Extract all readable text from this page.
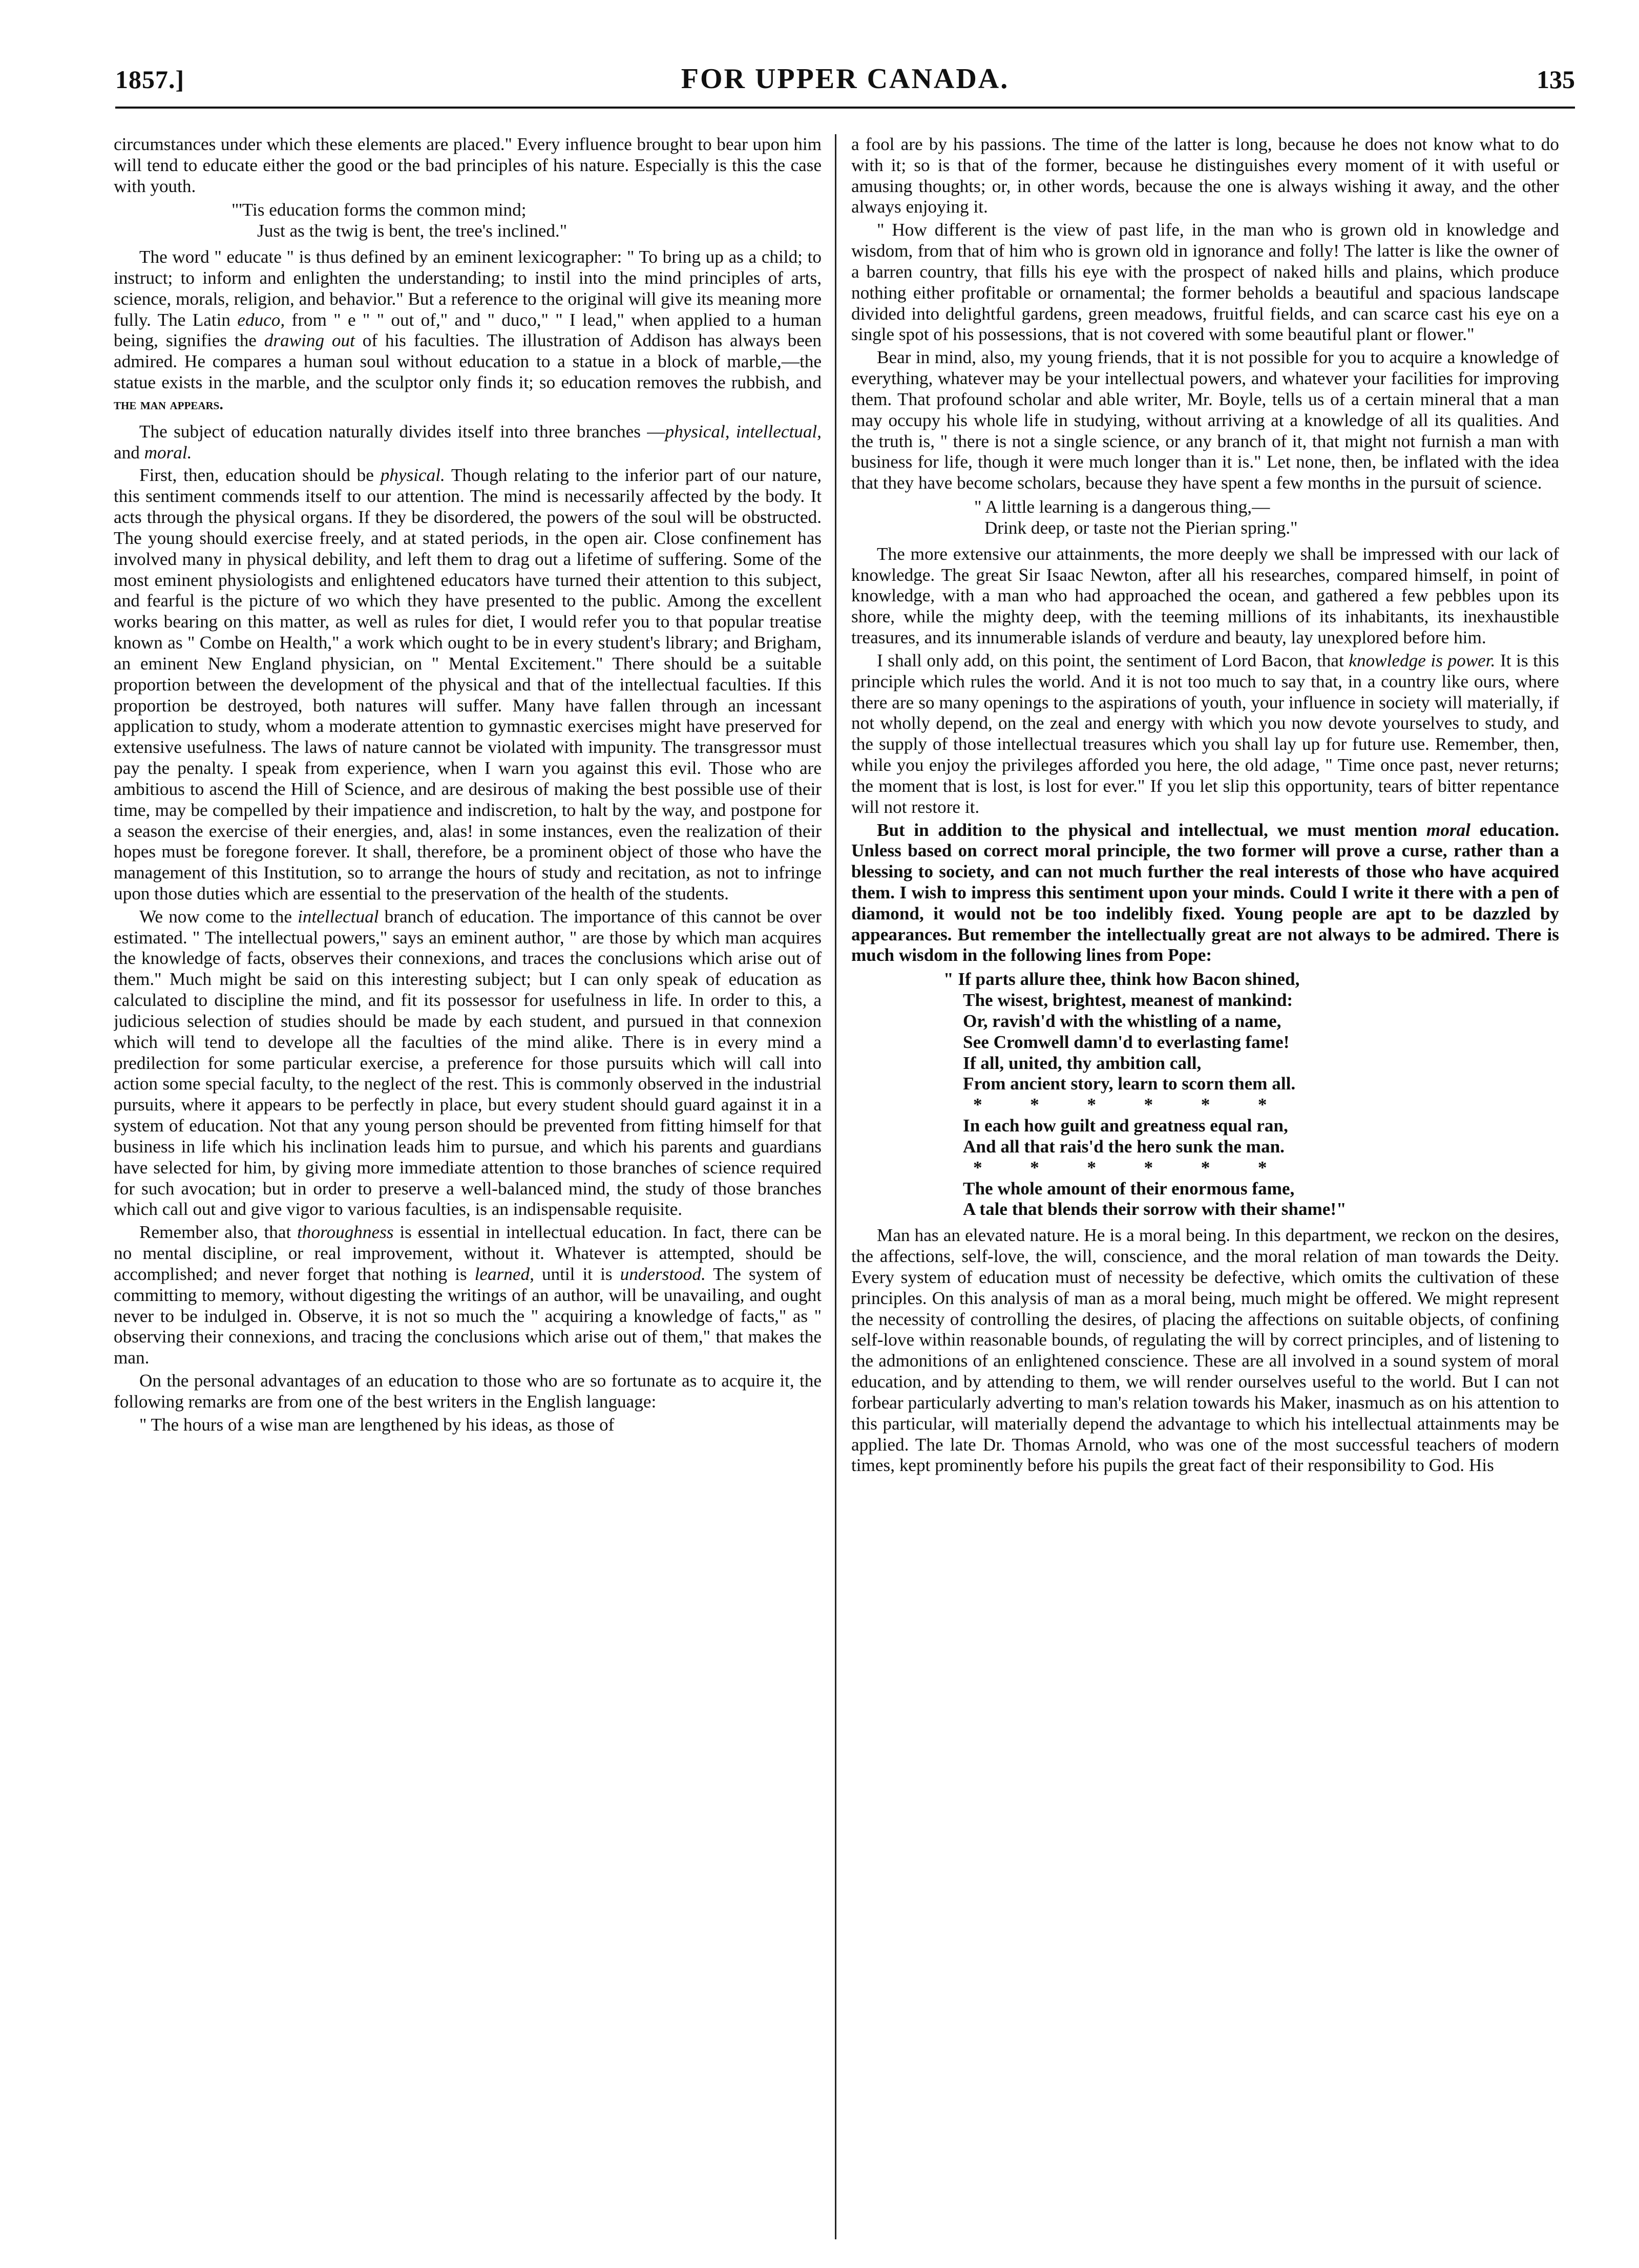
1857.]	FOR UPPER CANADA.	135

circumstances under which these elements are placed." Every influence brought to bear upon him will tend to educate either the good or the bad principles of his nature. Especially is this the case with youth.

"'Tis education forms the common mind;
Just as the twig is bent, the tree's inclined."

The word " educate " is thus defined by an eminent lexicographer: " To bring up as a child; to instruct; to inform and enlighten the understanding; to instil into the mind principles of arts, science, morals, religion, and behavior." But a reference to the original will give its meaning more fully. The Latin educo, from " e " " out of," and " duco," " I lead," when applied to a human being, signifies the drawing out of his faculties. The illustration of Addison has always been admired. He compares a human soul without education to a statue in a block of marble,—the statue exists in the marble, and the sculptor only finds it; so education removes the rubbish, and the man appears.

The subject of education naturally divides itself into three branches —physical, intellectual, and moral.

First, then, education should be physical. Though relating to the inferior part of our nature, this sentiment commends itself to our attention. The mind is necessarily affected by the body. It acts through the physical organs. If they be disordered, the powers of the soul will be obstructed. The young should exercise freely, and at stated periods, in the open air. Close confinement has involved many in physical debility, and left them to drag out a lifetime of suffering. Some of the most eminent physiologists and enlightened educators have turned their attention to this subject, and fearful is the picture of wo which they have presented to the public. Among the excellent works bearing on this matter, as well as rules for diet, I would refer you to that popular treatise known as " Combe on Health," a work which ought to be in every student's library; and Brigham, an eminent New England physician, on " Mental Excitement." There should be a suitable proportion between the development of the physical and that of the intellectual faculties. If this proportion be destroyed, both natures will suffer. Many have fallen through an incessant application to study, whom a moderate attention to gymnastic exercises might have preserved for extensive usefulness. The laws of nature cannot be violated with impunity. The transgressor must pay the penalty. I speak from experience, when I warn you against this evil. Those who are ambitious to ascend the Hill of Science, and are desirous of making the best possible use of their time, may be compelled by their impatience and indiscretion, to halt by the way, and postpone for a season the exercise of their energies, and, alas! in some instances, even the realization of their hopes must be foregone forever. It shall, therefore, be a prominent object of those who have the management of this Institution, so to arrange the hours of study and recitation, as not to infringe upon those duties which are essential to the preservation of the health of the students.

We now come to the intellectual branch of education. The importance of this cannot be over estimated. " The intellectual powers," says an eminent author, " are those by which man acquires the knowledge of facts, observes their connexions, and traces the conclusions which arise out of them." Much might be said on this interesting subject; but I can only speak of education as calculated to discipline the mind, and fit its possessor for usefulness in life. In order to this, a judicious selection of studies should be made by each student, and pursued in that connexion which will tend to develope all the faculties of the mind alike. There is in every mind a predilection for some particular exercise, a preference for those pursuits which will call into action some special faculty, to the neglect of the rest. This is commonly observed in the industrial pursuits, where it appears to be perfectly in place, but every student should guard against it in a system of education. Not that any young person should be prevented from fitting himself for that business in life which his inclination leads him to pursue, and which his parents and guardians have selected for him, by giving more immediate attention to those branches of science required for such avocation; but in order to preserve a well-balanced mind, the study of those branches which call out and give vigor to various faculties, is an indispensable requisite.

Remember also, that thoroughness is essential in intellectual education. In fact, there can be no mental discipline, or real improvement, without it. Whatever is attempted, should be accomplished; and never forget that nothing is learned, until it is understood. The system of committing to memory, without digesting the writings of an author, will be unavailing, and ought never to be indulged in. Observe, it is not so much the " acquiring a knowledge of facts," as " observing their connexions, and tracing the conclusions which arise out of them," that makes the man.

On the personal advantages of an education to those who are so fortunate as to acquire it, the following remarks are from one of the best writers in the English language:

" The hours of a wise man are lengthened by his ideas, as those of

a fool are by his passions. The time of the latter is long, because he does not know what to do with it; so is that of the former, because he distinguishes every moment of it with useful or amusing thoughts; or, in other words, because the one is always wishing it away, and the other always enjoying it.

" How different is the view of past life, in the man who is grown old in knowledge and wisdom, from that of him who is grown old in ignorance and folly! The latter is like the owner of a barren country, that fills his eye with the prospect of naked hills and plains, which produce nothing either profitable or ornamental; the former beholds a beautiful and spacious landscape divided into delightful gardens, green meadows, fruitful fields, and can scarce cast his eye on a single spot of his possessions, that is not covered with some beautiful plant or flower."

Bear in mind, also, my young friends, that it is not possible for you to acquire a knowledge of everything, whatever may be your intellectual powers, and whatever your facilities for improving them. That profound scholar and able writer, Mr. Boyle, tells us of a certain mineral that a man may occupy his whole life in studying, without arriving at a knowledge of all its qualities. And the truth is, " there is not a single science, or any branch of it, that might not furnish a man with business for life, though it were much longer than it is." Let none, then, be inflated with the idea that they have become scholars, because they have spent a few months in the pursuit of science.

" A little learning is a dangerous thing,—
Drink deep, or taste not the Pierian spring."

The more extensive our attainments, the more deeply we shall be impressed with our lack of knowledge. The great Sir Isaac Newton, after all his researches, compared himself, in point of knowledge, with a man who had approached the ocean, and gathered a few pebbles upon its shore, while the mighty deep, with the teeming millions of its inhabitants, its inexhaustible treasures, and its innumerable islands of verdure and beauty, lay unexplored before him.

I shall only add, on this point, the sentiment of Lord Bacon, that knowledge is power. It is this principle which rules the world. And it is not too much to say that, in a country like ours, where there are so many openings to the aspirations of youth, your influence in society will materially, if not wholly depend, on the zeal and energy with which you now devote yourselves to study, and the supply of those intellectual treasures which you shall lay up for future use. Remember, then, while you enjoy the privileges afforded you here, the old adage, " Time once past, never returns; the moment that is lost, is lost for ever." If you let slip this opportunity, tears of bitter repentance will not restore it.

But in addition to the physical and intellectual, we must mention moral education. Unless based on correct moral principle, the two former will prove a curse, rather than a blessing to society, and can not much further the real interests of those who have acquired them. I wish to impress this sentiment upon your minds. Could I write it there with a pen of diamond, it would not be too indelibly fixed. Young people are apt to be dazzled by appearances. But remember the intellectually great are not always to be admired. There is much wisdom in the following lines from Pope:

" If parts allure thee, think how Bacon shined,
The wisest, brightest, meanest of mankind:
Or, ravish'd with the whistling of a name,
See Cromwell damn'd to everlasting fame!
If all, united, thy ambition call,
From ancient story, learn to scorn them all.
*       *       *       *       *       *
In each how guilt and greatness equal ran,
And all that rais'd the hero sunk the man.
*       *       *       *       *       *
The whole amount of their enormous fame,
A tale that blends their sorrow with their shame!"

Man has an elevated nature. He is a moral being. In this department, we reckon on the desires, the affections, self-love, the will, conscience, and the moral relation of man towards the Deity. Every system of education must of necessity be defective, which omits the cultivation of these principles. On this analysis of man as a moral being, much might be offered. We might represent the necessity of controlling the desires, of placing the affections on suitable objects, of confining self-love within reasonable bounds, of regulating the will by correct principles, and of listening to the admonitions of an enlightened conscience. These are all involved in a sound system of moral education, and by attending to them, we will render ourselves useful to the world. But I can not forbear particularly adverting to man's relation towards his Maker, inasmuch as on his attention to this particular, will materially depend the advantage to which his intellectual attainments may be applied. The late Dr. Thomas Arnold, who was one of the most successful teachers of modern times, kept prominently before his pupils the great fact of their responsibility to God. His
